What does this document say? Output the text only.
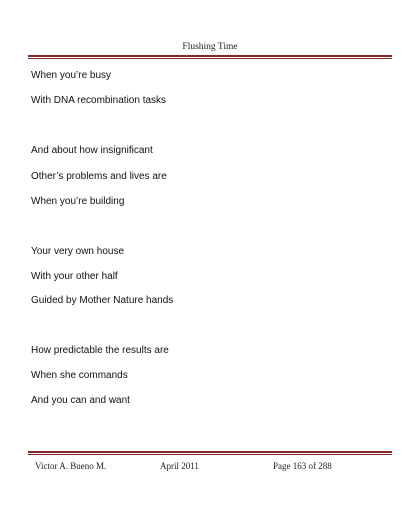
Flushing Time
When you’re busy
With DNA recombination tasks
And about how insignificant
Other’s problems and lives are
When you’re building
Your very own house
With your other half
Guided by Mother Nature hands
How predictable the results are
When she commands
And you can and want
Victor A. Bueno M.	April 2011	Page 163 of 288
